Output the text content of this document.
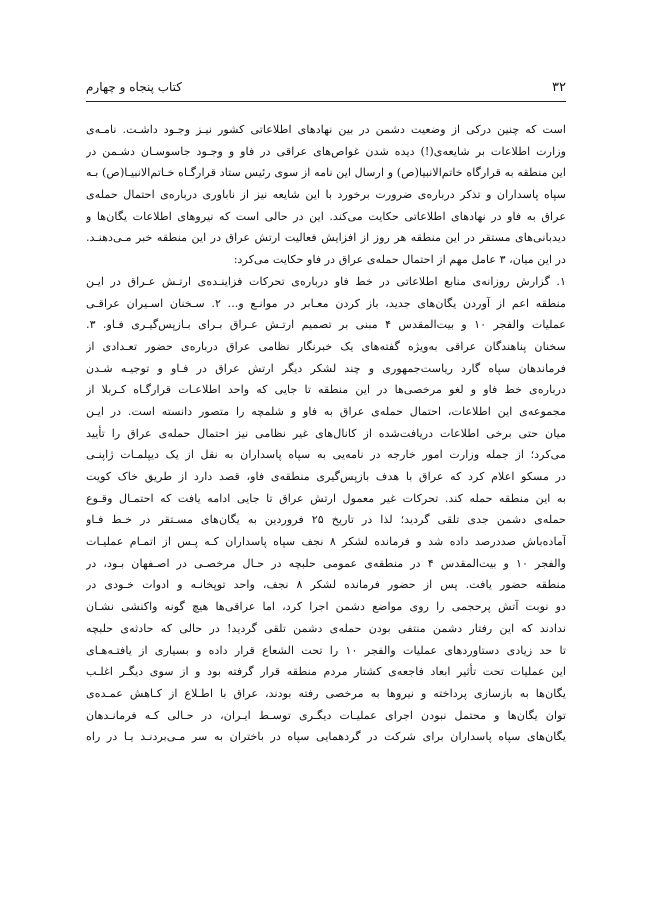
۳۲
کتاب پنجاه و چهارم
است که چنین درکی از وضعیت دشمن در بین نهادهای اطلاعاتی کشور نیـز وجـود داشـت. نامـه‌ی
وزارت اطلاعات بر شایعه‌ی(!) دیده شدن غواص‌های عراقی در فاو و وجـود جاسوسـان دشـمن در
این منطقه به قرارگاه خاتم‌الانبیا(ص) و ارسال این نامه از سوی رئیس ستاد قرارگـاه خـاتم‌الانبیـا(ص) بـه
سپاه پاسداران و تذکر درباره‌ی ضرورت برخورد با این شایعه نیز از ناباوری درباره‌ی احتمال حمله‌ی
عراق به فاو در نهادهای اطلاعاتی حکایت می‌کند. این در حالی است که نیروهای اطلاعات یگان‌ها و
دیدبانی‌های مستقر در این منطقه هر روز از افزایش فعالیت ارتش عراق در این منطقه خبر مـی‌دهنـد.
در این میان، ۳ عامل مهم از احتمال حمله‌ی عراق در فاو حکایت می‌کرد:
۱. گزارش روزانه‌ی منابع اطلاعاتی در خط فاو درباره‌ی تحرکات فزاینـده‌ی ارتـش عـراق در ایـن
منطقه اعم از آوردن یگان‌های جدید، باز کردن معـابر در موانـع و... ۲. سـخنان اسـیران عراقـی
عملیات والفجر ۱۰ و بیت‌المقدس ۴ مبنی بر تصمیم ارتـش عـراق بـرای بـازپس‌گیـری فـاو. ۳.
سخنان پناهندگان عراقی به‌ویژه گفته‌های یک خبرنگار نظامی عراق درباره‌ی حضور تعـدادی از
فرماندهان سپاه گارد ریاست‌جمهوری و چند لشکر دیگر ارتش عراق در فـاو و توجیـه شـدن
درباره‌ی خط فاو و لغو مرخصی‌ها در این منطقه تا جایی که واحد اطلاعـات قرارگـاه کـربلا از
مجموعه‌ی این اطلاعات، احتمال حمله‌ی عراق به فاو و شلمچه را متصور دانسته است. در ایـن
میان حتی برخی اطلاعات دریافت‌شده از کانال‌های غیر نظامی نیز احتمال حمله‌ی عراق را تأیید
می‌کرد؛ از جمله وزارت امور خارجه در نامه‌یی به سپاه پاسداران به نقل از یک دیپلمـات ژاپنـی
در مسکو اعلام کرد که عراق با هدف بازپس‌گیری منطقه‌ی فاو، قصد دارد از طریق خاک کویت
به این منطقه حمله کند. تحرکات غیر معمول ارتش عراق تا جایی ادامه یافت که احتمـال وقـوع
حمله‌ی دشمن جدی تلقی گردید؛ لذا در تاریخ ۲۵ فروردین به یگان‌های مسـتقر در خـط فـاو
آماده‌باش صددرصد داده شد و فرمانده لشکر ۸ نجف سپاه پاسداران کـه پـس از اتمـام عملیـات
والفجر ۱۰ و بیت‌المقدس ۴ در منطقه‌ی عمومی حلبچه در حـال مرخصـی در اصـفهان بـود، در
منطقه حضور یافت. پس از حضور فرمانده لشکر ۸ نجف، واحد توپخانـه و ادوات خـودی در
دو نوبت آتش پرحجمی را روی مواضع دشمن اجرا کرد، اما عراقی‌ها هیچ گونه واکنشی نشـان
ندادند که این رفتار دشمن منتفی بودن حمله‌ی دشمن تلقی گردید! در حالی که حادثه‌ی حلبچه
تا حد زیادی دستاوردهای عملیات والفجر ۱۰ را تحت الشعاع قرار داده و بسیاری از یافتـه‌هـای
این عملیات تحت تأثیر ابعاد فاجعه‌ی کشتار مردم منطقه قرار گرفته بود و از سوی دیگـر اغلـب
یگان‌ها به بازسازی پرداخته و نیروها به مرخصی رفته بودند، عراق با اطـلاع از کـاهش عمـده‌ی
توان یگان‌ها و محتمل نبودن اجرای عملیـات دیگـری توسـط ایـران، در حـالی کـه فرمانـدهان
یگان‌های سپاه پاسداران برای شرکت در گردهمایی سپاه در باختران به سر مـی‌بردنـد یـا در راه
